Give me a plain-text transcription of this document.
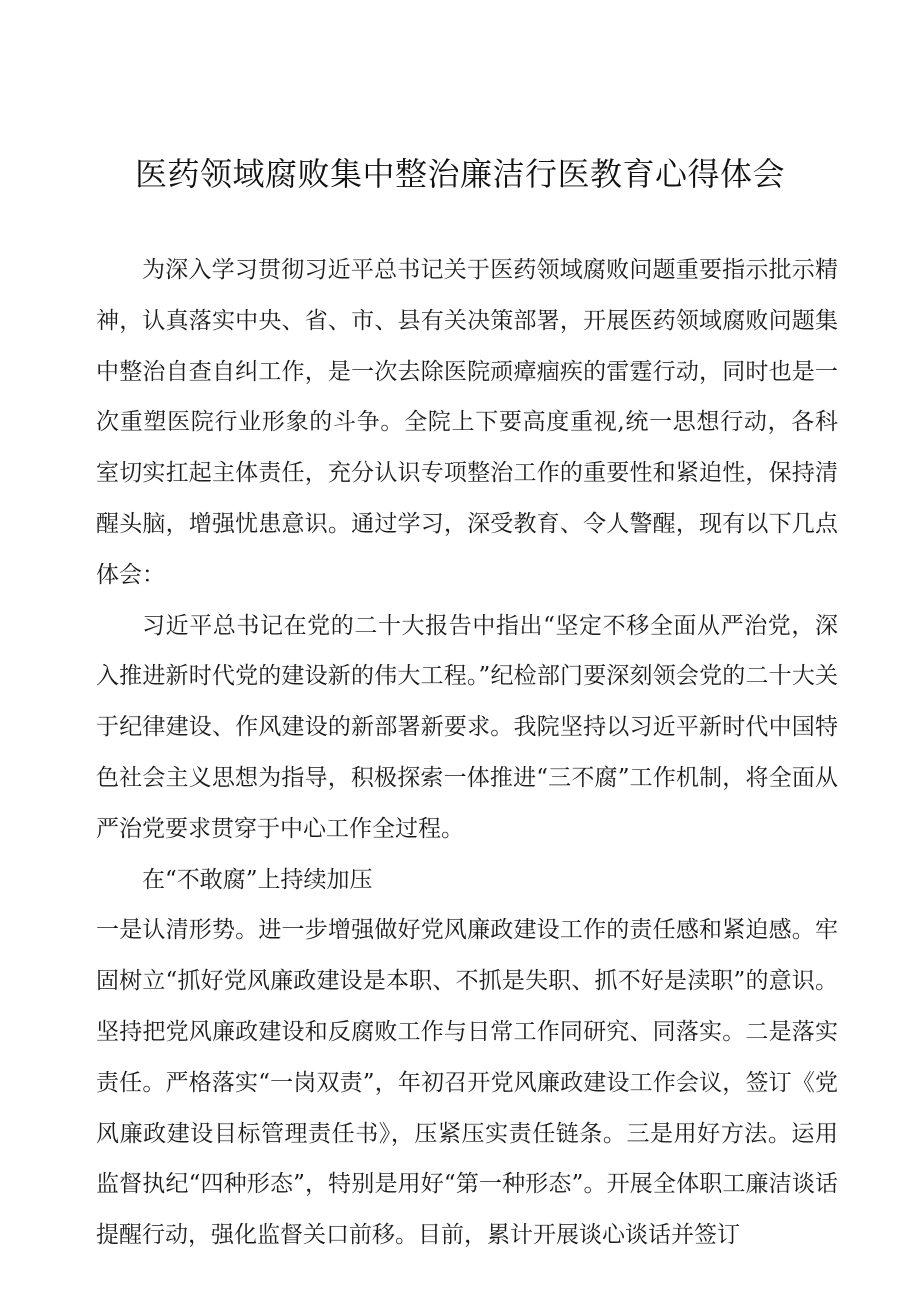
医药领域腐败集中整治廉洁行医教育心得体会

为深入学习贯彻习近平总书记关于医药领域腐败问题重要指示批示精神，认真落实中央、省、市、县有关决策部署，开展医药领域腐败问题集中整治自查自纠工作，是一次去除医院顽瘴痼疾的雷霆行动，同时也是一次重塑医院行业形象的斗争。全院上下要高度重视,统一思想行动，各科室切实扛起主体责任，充分认识专项整治工作的重要性和紧迫性，保持清醒头脑，增强忧患意识。通过学习，深受教育、令人警醒，现有以下几点体会：

习近平总书记在党的二十大报告中指出“坚定不移全面从严治党，深入推进新时代党的建设新的伟大工程。”纪检部门要深刻领会党的二十大关于纪律建设、作风建设的新部署新要求。我院坚持以习近平新时代中国特色社会主义思想为指导，积极探索一体推进“三不腐”工作机制，将全面从严治党要求贯穿于中心工作全过程。

在“不敢腐”上持续加压

一是认清形势。进一步增强做好党风廉政建设工作的责任感和紧迫感。牢固树立“抓好党风廉政建设是本职、不抓是失职、抓不好是渎职”的意识。坚持把党风廉政建设和反腐败工作与日常工作同研究、同落实。二是落实责任。严格落实“一岗双责”，年初召开党风廉政建设工作会议，签订《党风廉政建设目标管理责任书》，压紧压实责任链条。三是用好方法。运用监督执纪“四种形态”，特别是用好“第一种形态”。开展全体职工廉洁谈话提醒行动，强化监督关口前移。目前，累计开展谈心谈话并签订
